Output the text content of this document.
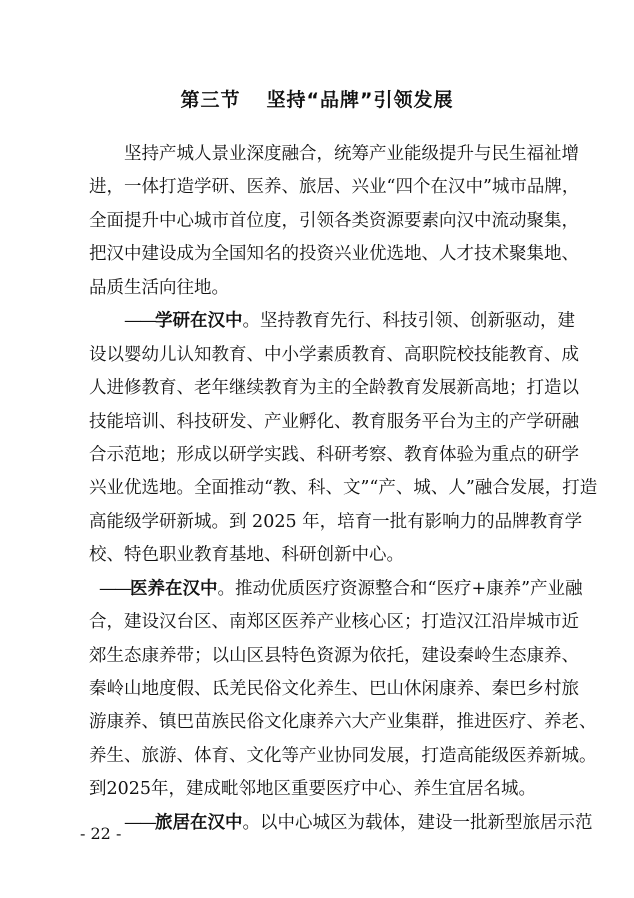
第三节 坚持“品牌”引领发展
坚持产城人景业深度融合，统筹产业能级提升与民生福祉增
进，一体打造学研、医养、旅居、兴业“四个在汉中”城市品牌，
全面提升中心城市首位度，引领各类资源要素向汉中流动聚集，
把汉中建设成为全国知名的投资兴业优选地、人才技术聚集地、
品质生活向往地。
——学研在汉中。坚持教育先行、科技引领、创新驱动，建
设以婴幼儿认知教育、中小学素质教育、高职院校技能教育、成
人进修教育、老年继续教育为主的全龄教育发展新高地；打造以
技能培训、科技研发、产业孵化、教育服务平台为主的产学研融
合示范地；形成以研学实践、科研考察、教育体验为重点的研学
兴业优选地。全面推动“教、科、文”“产、城、人”融合发展，打造
高能级学研新城。到 2025 年，培育一批有影响力的品牌教育学
校、特色职业教育基地、科研创新中心。
——医养在汉中。推动优质医疗资源整合和“医疗+康养”产业融
合，建设汉台区、南郑区医养产业核心区；打造汉江沿岸城市近
郊生态康养带；以山区县特色资源为依托，建设秦岭生态康养、
秦岭山地度假、氐羌民俗文化养生、巴山休闲康养、秦巴乡村旅
游康养、镇巴苗族民俗文化康养六大产业集群，推进医疗、养老、
养生、旅游、体育、文化等产业协同发展，打造高能级医养新城。
到2025年，建成毗邻地区重要医疗中心、养生宜居名城。
——旅居在汉中。以中心城区为载体，建设一批新型旅居示范
- 22 -
